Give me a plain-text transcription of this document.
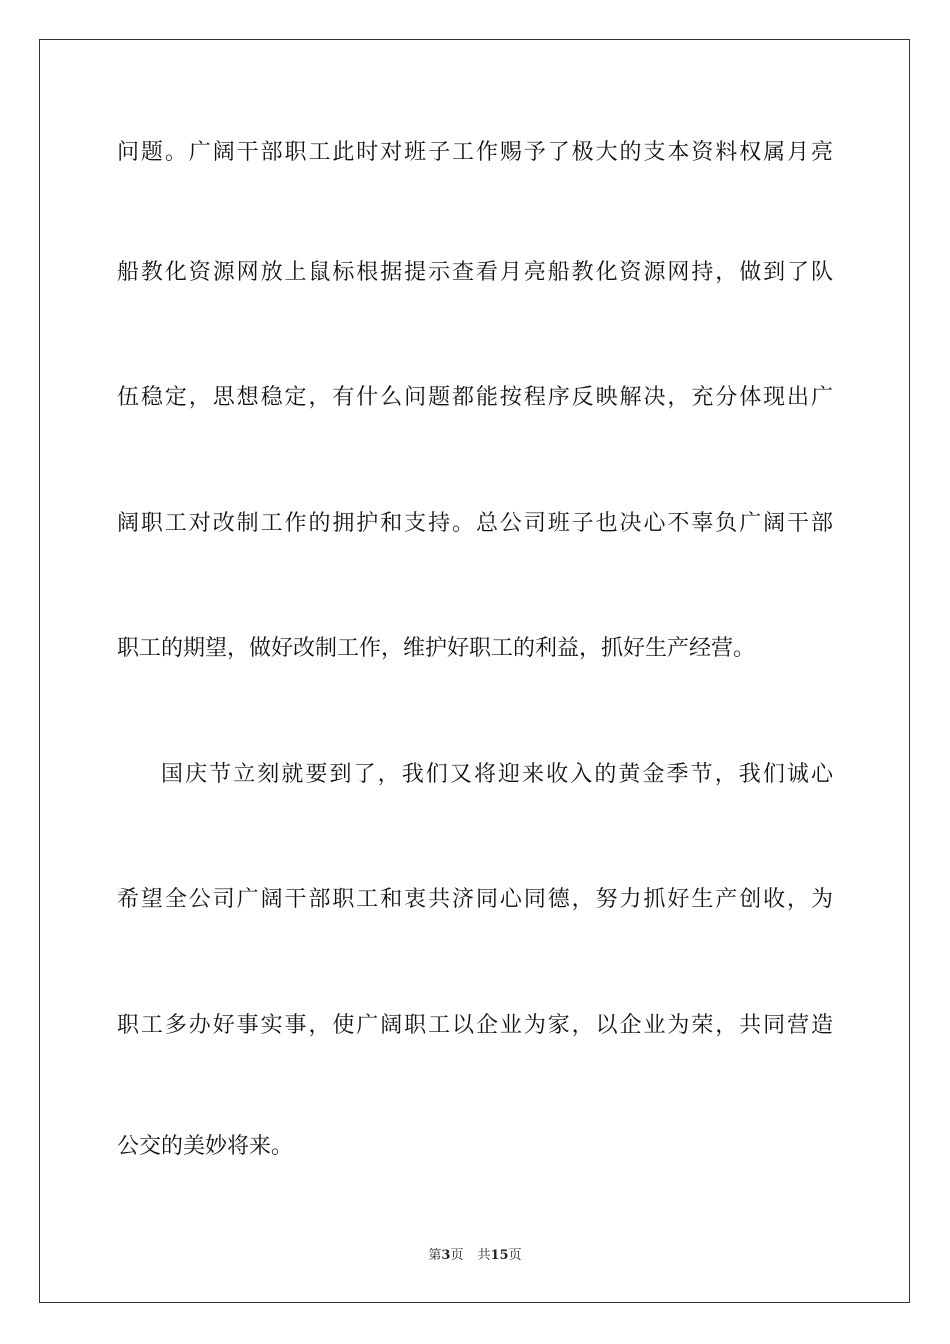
问题。广阔干部职工此时对班子工作赐予了极大的支本资料权属月亮
船教化资源网放上鼠标根据提示查看月亮船教化资源网持，做到了队
伍稳定，思想稳定，有什么问题都能按程序反映解决，充分体现出广
阔职工对改制工作的拥护和支持。总公司班子也决心不辜负广阔干部
职工的期望，做好改制工作，维护好职工的利益，抓好生产经营。
国庆节立刻就要到了，我们又将迎来收入的黄金季节，我们诚心
希望全公司广阔干部职工和衷共济同心同德，努力抓好生产创收，为
职工多办好事实事，使广阔职工以企业为家，以企业为荣，共同营造
公交的美妙将来。
第3页 共15页
